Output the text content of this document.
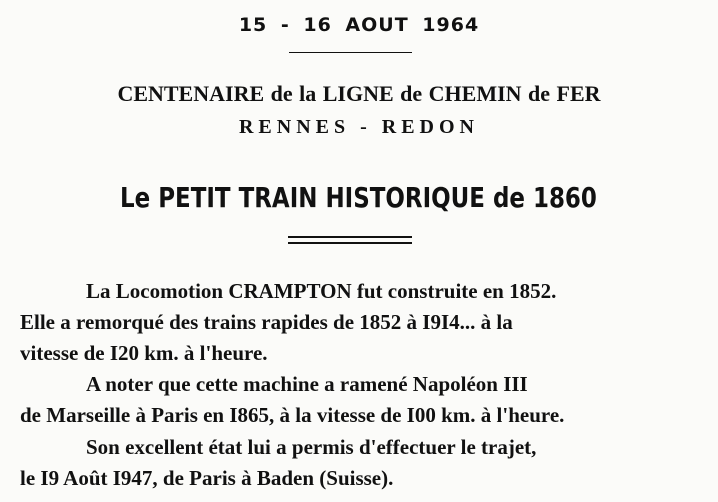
15 - 16 AOUT 1964
CENTENAIRE de la LIGNE de CHEMIN de FER
RENNES - REDON
Le PETIT TRAIN HISTORIQUE de 1860
La Locomotion CRAMPTON fut construite en 1852.
Elle a remorqué des trains rapides de 1852 à I9I4... à la
vitesse de I20 km. à l'heure.
A noter que cette machine a ramené Napoléon III
de Marseille à Paris en I865, à la vitesse de I00 km. à l'heure.
Son excellent état lui a permis d'effectuer le trajet,
le I9 Août I947, de Paris à Baden (Suisse).
